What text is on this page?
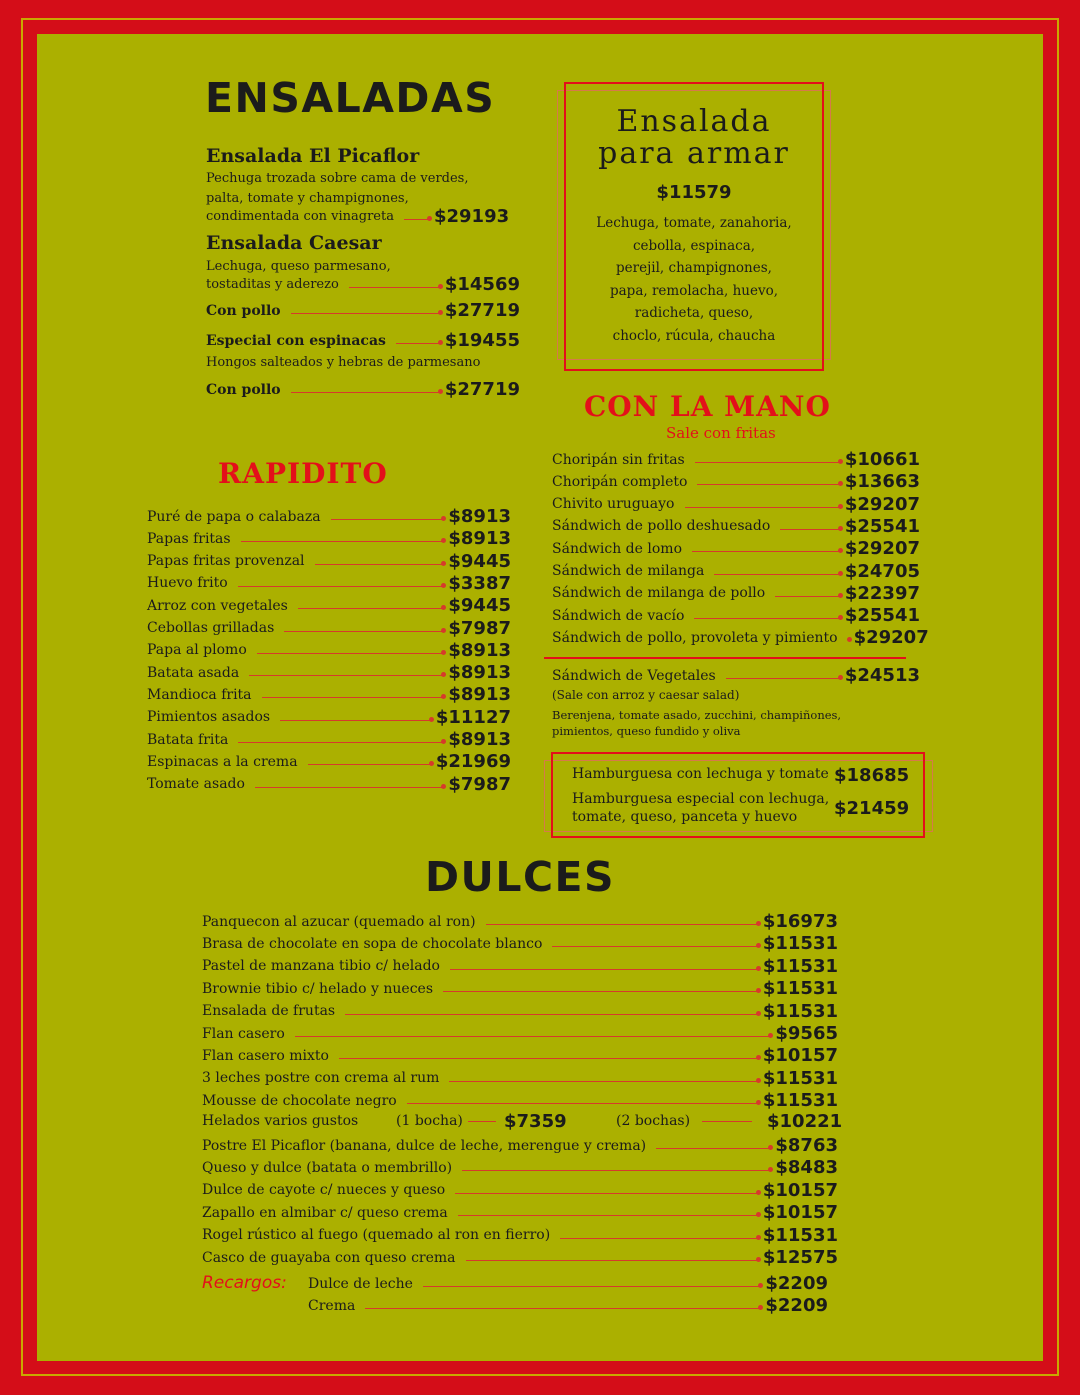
ENSALADAS
Ensalada El Picaflor
Pechuga trozada sobre cama de verdes,
palta, tomate y champignones,
condimentada con vinagreta $29193
Ensalada Caesar
Lechuga, queso parmesano,
tostaditas y aderezo	$14569
Con pollo	$27719
Especial con espinacas	$19455
Hongos salteados y hebras de parmesano
Con pollo	$27719
Ensalada
para armar
$11579
Lechuga, tomate, zanahoria,
cebolla, espinaca,
perejil, champignones,
papa, remolacha, huevo,
radicheta, queso,
choclo, rúcula, chaucha
RAPIDITO
Puré de papa o calabaza	$8913
Papas fritas	$8913
Papas fritas provenzal	$9445
Huevo frito	$3387
Arroz con vegetales	$9445
Cebollas grilladas	$7987
Papa al plomo	$8913
Batata asada	$8913
Mandioca frita	$8913
Pimientos asados	$11127
Batata frita	$8913
Espinacas a la crema	$21969
Tomate asado	$7987
CON LA MANO
Sale con fritas
Choripán sin fritas	$10661
Choripán completo	$13663
Chivito uruguayo	$29207
Sándwich de pollo deshuesado	$25541
Sándwich de lomo	$29207
Sándwich de milanga	$24705
Sándwich de milanga de pollo	$22397
Sándwich de vacío	$25541
Sándwich de pollo, provoleta y pimiento $29207
Sándwich de Vegetales	$24513
(Sale con arroz y caesar salad)
Berenjena, tomate asado, zucchini, champiñones,
pimientos, queso fundido y oliva
Hamburguesa con lechuga y tomate $18685
Hamburguesa especial con lechuga,
tomate, queso, panceta y huevo $21459
DULCES
Panquecon al azucar (quemado al ron)	$16973
Brasa de chocolate en sopa de chocolate blanco	$11531
Pastel de manzana tibio c/ helado	$11531
Brownie tibio c/ helado y nueces	$11531
Ensalada de frutas	$11531
Flan casero	$9565
Flan casero mixto	$10157
3 leches postre con crema al rum	$11531
Mousse de chocolate negro	$11531
Helados varios gustos	(1 bocha) $7359	(2 bochas)	$10221
Postre El Picaflor (banana, dulce de leche, merengue y crema)	$8763
Queso y dulce (batata o membrillo)	$8483
Dulce de cayote c/ nueces y queso	$10157
Zapallo en almibar c/ queso crema	$10157
Rogel rústico al fuego (quemado al ron en fierro)	$11531
Casco de guayaba con queso crema	$12575
Recargos: Dulce de leche	$2209
Crema	$2209
